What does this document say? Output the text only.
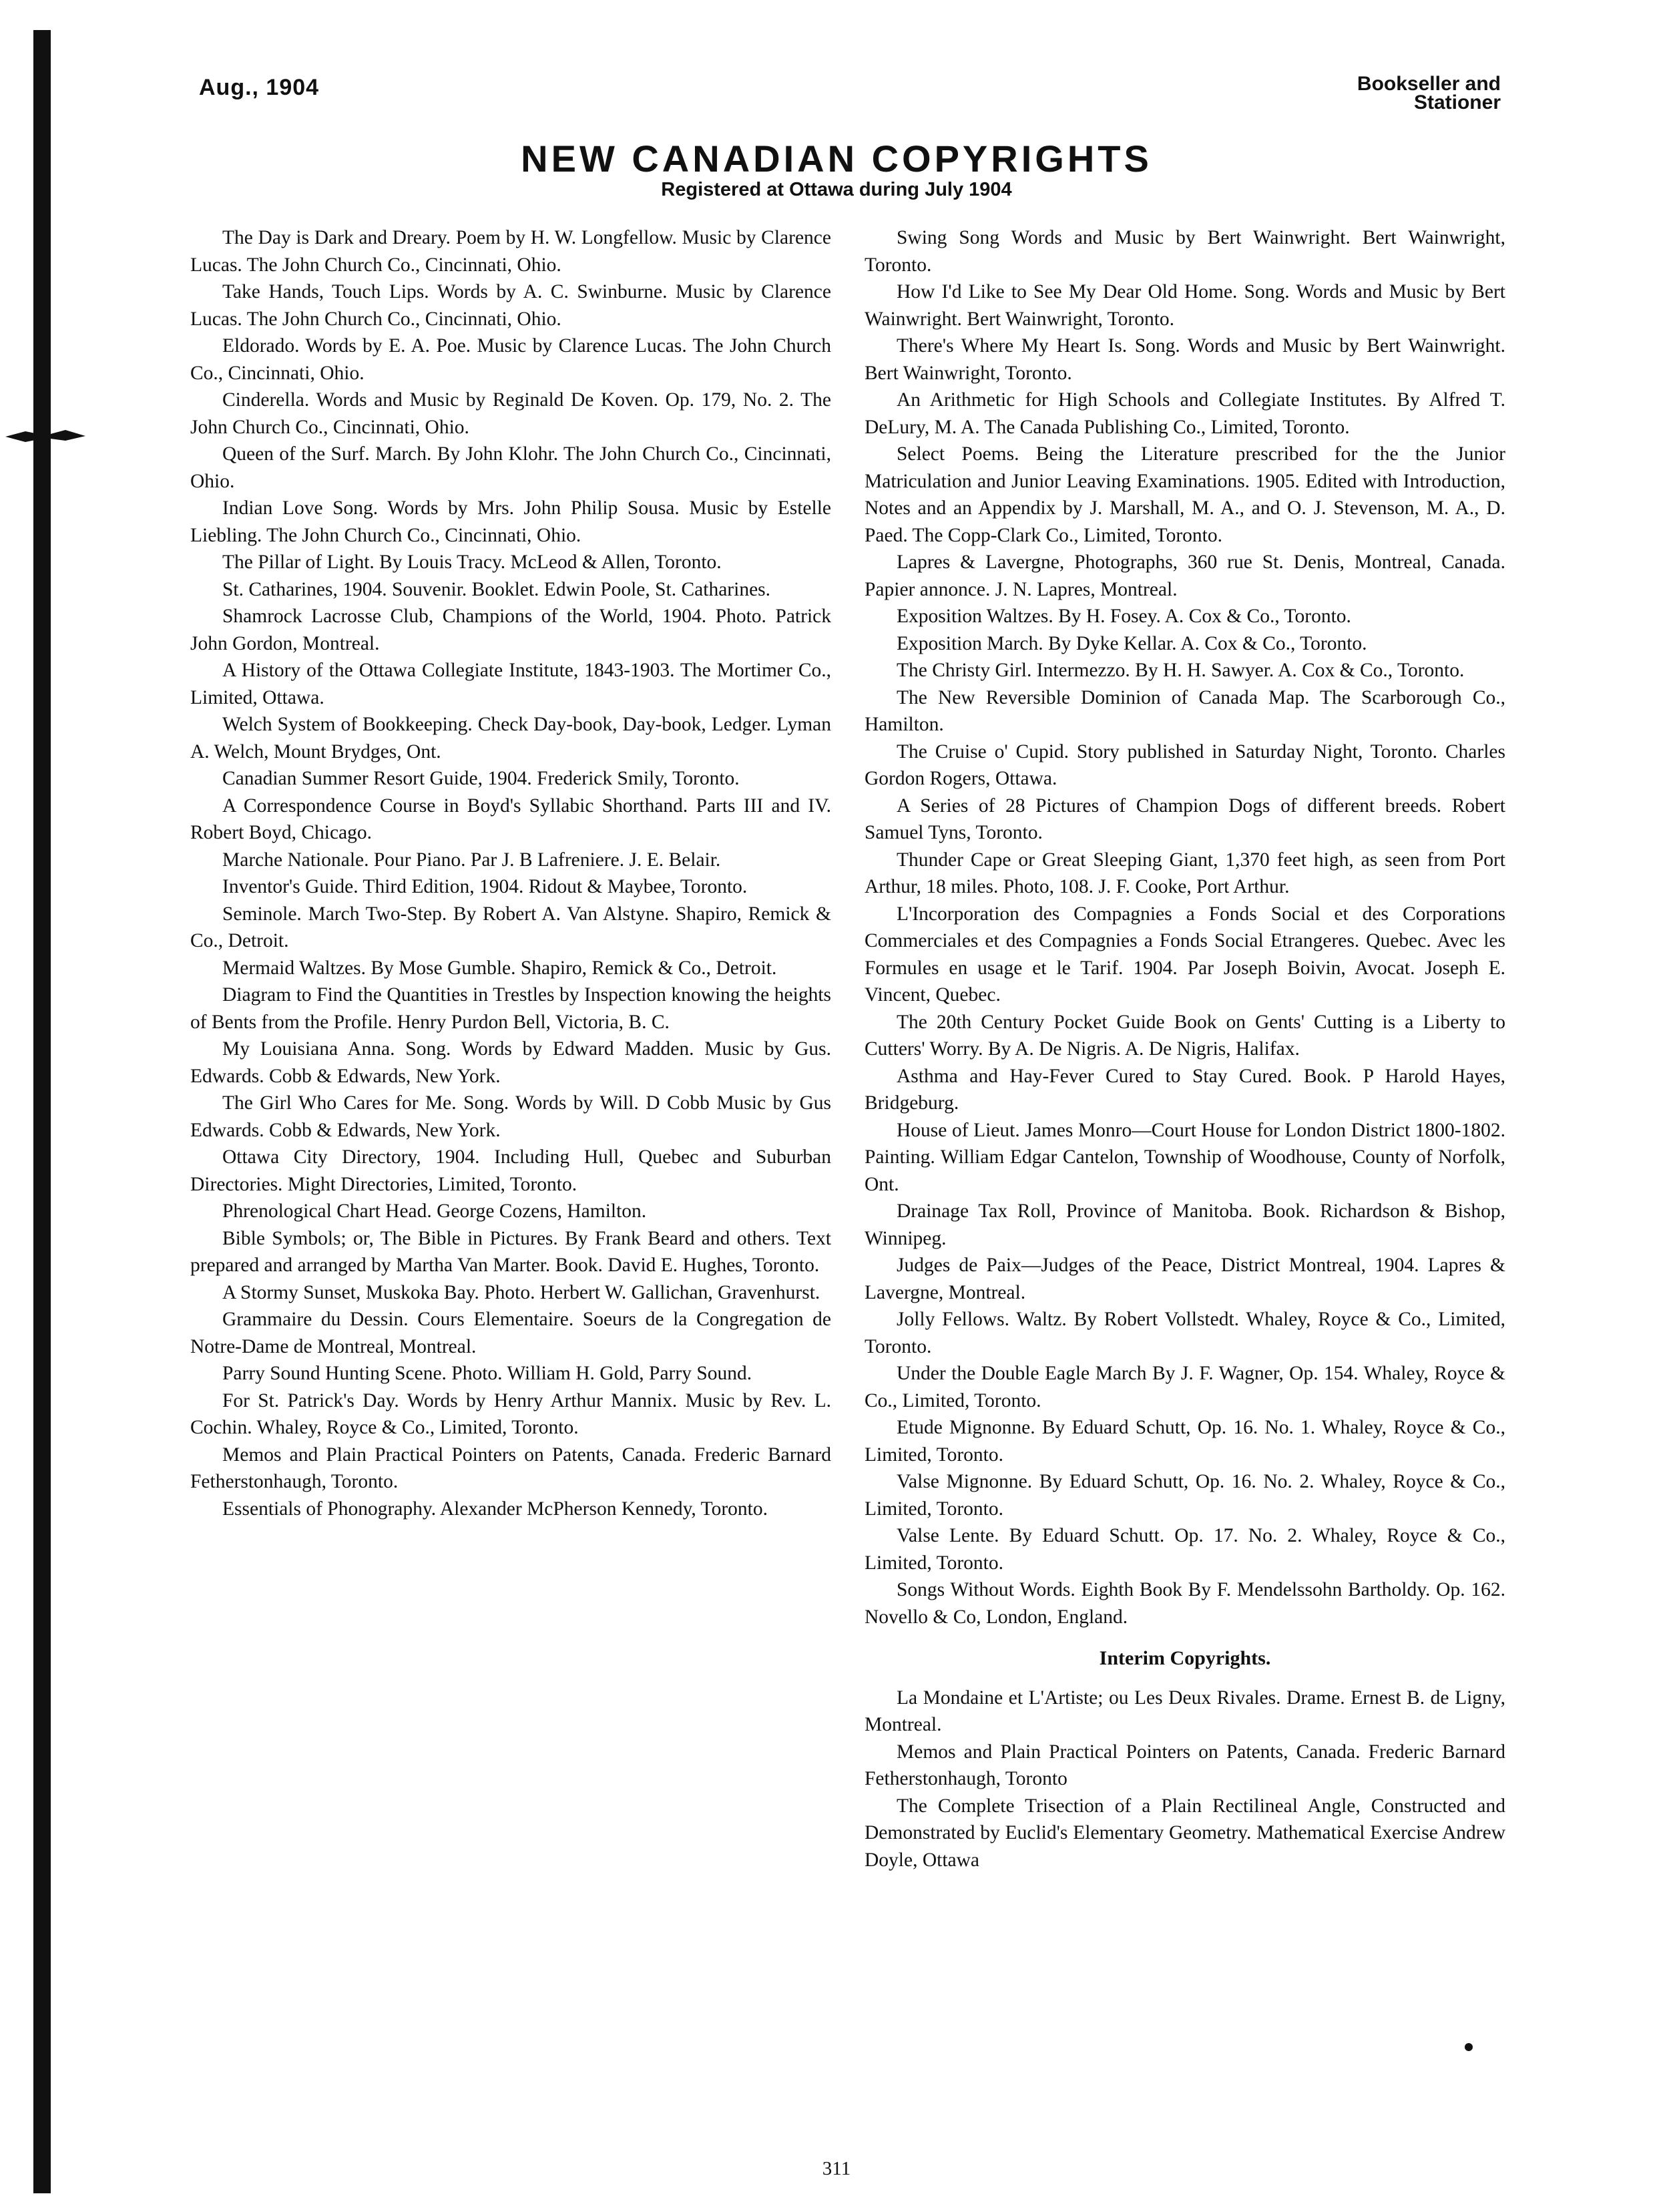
Aug., 1904	Bookseller and
Stationer
NEW CANADIAN COPYRIGHTS
Registered at Ottawa during July 1904

The Day is Dark and Dreary. Poem by H. W. Longfellow. Music by Clarence Lucas. The John Church Co., Cincinnati, Ohio.

Take Hands, Touch Lips. Words by A. C. Swinburne. Music by Clarence Lucas. The John Church Co., Cincinnati, Ohio.

Eldorado. Words by E. A. Poe. Music by Clarence Lucas. The John Church Co., Cincinnati, Ohio.

Cinderella. Words and Music by Reginald De Koven. Op. 179, No. 2. The John Church Co., Cincinnati, Ohio.

Queen of the Surf. March. By John Klohr. The John Church Co., Cincinnati, Ohio.

Indian Love Song. Words by Mrs. John Philip Sousa. Music by Estelle Liebling. The John Church Co., Cincinnati, Ohio.

The Pillar of Light. By Louis Tracy. McLeod & Allen, Toronto.

St. Catharines, 1904. Souvenir. Booklet. Edwin Poole, St. Catharines.

Shamrock Lacrosse Club, Champions of the World, 1904. Photo. Patrick John Gordon, Montreal.

A History of the Ottawa Collegiate Institute, 1843-1903. The Mortimer Co., Limited, Ottawa.

Welch System of Bookkeeping. Check Day-book, Day-book, Ledger. Lyman A. Welch, Mount Brydges, Ont.

Canadian Summer Resort Guide, 1904. Frederick Smily, Toronto.

A Correspondence Course in Boyd's Syllabic Shorthand. Parts III and IV. Robert Boyd, Chicago.

Marche Nationale. Pour Piano. Par J. B Lafreniere. J. E. Belair.

Inventor's Guide. Third Edition, 1904. Ridout & Maybee, Toronto.

Seminole. March Two-Step. By Robert A. Van Alstyne. Shapiro, Remick & Co., Detroit.

Mermaid Waltzes. By Mose Gumble. Shapiro, Remick & Co., Detroit.

Diagram to Find the Quantities in Trestles by Inspection knowing the heights of Bents from the Profile. Henry Purdon Bell, Victoria, B. C.

My Louisiana Anna. Song. Words by Edward Madden. Music by Gus. Edwards. Cobb & Edwards, New York.

The Girl Who Cares for Me. Song. Words by Will. D Cobb Music by Gus Edwards. Cobb & Edwards, New York.

Ottawa City Directory, 1904. Including Hull, Quebec and Suburban Directories. Might Directories, Limited, Toronto.

Phrenological Chart Head. George Cozens, Hamilton.

Bible Symbols; or, The Bible in Pictures. By Frank Beard and others. Text prepared and arranged by Martha Van Marter. Book. David E. Hughes, Toronto.

A Stormy Sunset, Muskoka Bay. Photo. Herbert W. Gallichan, Gravenhurst.

Grammaire du Dessin. Cours Elementaire. Soeurs de la Congregation de Notre-Dame de Montreal, Montreal.

Parry Sound Hunting Scene. Photo. William H. Gold, Parry Sound.

For St. Patrick's Day. Words by Henry Arthur Mannix. Music by Rev. L. Cochin. Whaley, Royce & Co., Limited, Toronto.

Memos and Plain Practical Pointers on Patents, Canada. Frederic Barnard Fetherstonhaugh, Toronto.

Essentials of Phonography. Alexander McPherson Kennedy, Toronto.

Swing Song Words and Music by Bert Wainwright. Bert Wainwright, Toronto.

How I'd Like to See My Dear Old Home. Song. Words and Music by Bert Wainwright. Bert Wainwright, Toronto.

There's Where My Heart Is. Song. Words and Music by Bert Wainwright. Bert Wainwright, Toronto.

An Arithmetic for High Schools and Collegiate Institutes. By Alfred T. DeLury, M. A. The Canada Publishing Co., Limited, Toronto.

Select Poems. Being the Literature prescribed for the the Junior Matriculation and Junior Leaving Examinations. 1905. Edited with Introduction, Notes and an Appendix by J. Marshall, M. A., and O. J. Stevenson, M. A., D. Paed. The Copp-Clark Co., Limited, Toronto.

Lapres & Lavergne, Photographs, 360 rue St. Denis, Montreal, Canada. Papier annonce. J. N. Lapres, Montreal.

Exposition Waltzes. By H. Fosey. A. Cox & Co., Toronto.

Exposition March. By Dyke Kellar. A. Cox & Co., Toronto.

The Christy Girl. Intermezzo. By H. H. Sawyer. A. Cox & Co., Toronto.

The New Reversible Dominion of Canada Map. The Scarborough Co., Hamilton.

The Cruise o' Cupid. Story published in Saturday Night, Toronto. Charles Gordon Rogers, Ottawa.

A Series of 28 Pictures of Champion Dogs of different breeds. Robert Samuel Tyns, Toronto.

Thunder Cape or Great Sleeping Giant, 1,370 feet high, as seen from Port Arthur, 18 miles. Photo, 108. J. F. Cooke, Port Arthur.

L'Incorporation des Compagnies a Fonds Social et des Corporations Commerciales et des Compagnies a Fonds Social Etrangeres. Quebec. Avec les Formules en usage et le Tarif. 1904. Par Joseph Boivin, Avocat. Joseph E. Vincent, Quebec.

The 20th Century Pocket Guide Book on Gents' Cutting is a Liberty to Cutters' Worry. By A. De Nigris. A. De Nigris, Halifax.

Asthma and Hay-Fever Cured to Stay Cured. Book. P Harold Hayes, Bridgeburg.

House of Lieut. James Monro—Court House for London District 1800-1802. Painting. William Edgar Cantelon, Township of Woodhouse, County of Norfolk, Ont.

Drainage Tax Roll, Province of Manitoba. Book. Richardson & Bishop, Winnipeg.

Judges de Paix—Judges of the Peace, District Montreal, 1904. Lapres & Lavergne, Montreal.

Jolly Fellows. Waltz. By Robert Vollstedt. Whaley, Royce & Co., Limited, Toronto.

Under the Double Eagle March By J. F. Wagner, Op. 154. Whaley, Royce & Co., Limited, Toronto.

Etude Mignonne. By Eduard Schutt, Op. 16. No. 1. Whaley, Royce & Co., Limited, Toronto.

Valse Mignonne. By Eduard Schutt, Op. 16. No. 2. Whaley, Royce & Co., Limited, Toronto.

Valse Lente. By Eduard Schutt. Op. 17. No. 2. Whaley, Royce & Co., Limited, Toronto.

Songs Without Words. Eighth Book By F. Mendelssohn Bartholdy. Op. 162. Novello & Co, London, England.

Interim Copyrights.

La Mondaine et L'Artiste; ou Les Deux Rivales. Drame. Ernest B. de Ligny, Montreal.

Memos and Plain Practical Pointers on Patents, Canada. Frederic Barnard Fetherstonhaugh, Toronto

The Complete Trisection of a Plain Rectilineal Angle, Constructed and Demonstrated by Euclid's Elementary Geometry. Mathematical Exercise Andrew Doyle, Ottawa

311
